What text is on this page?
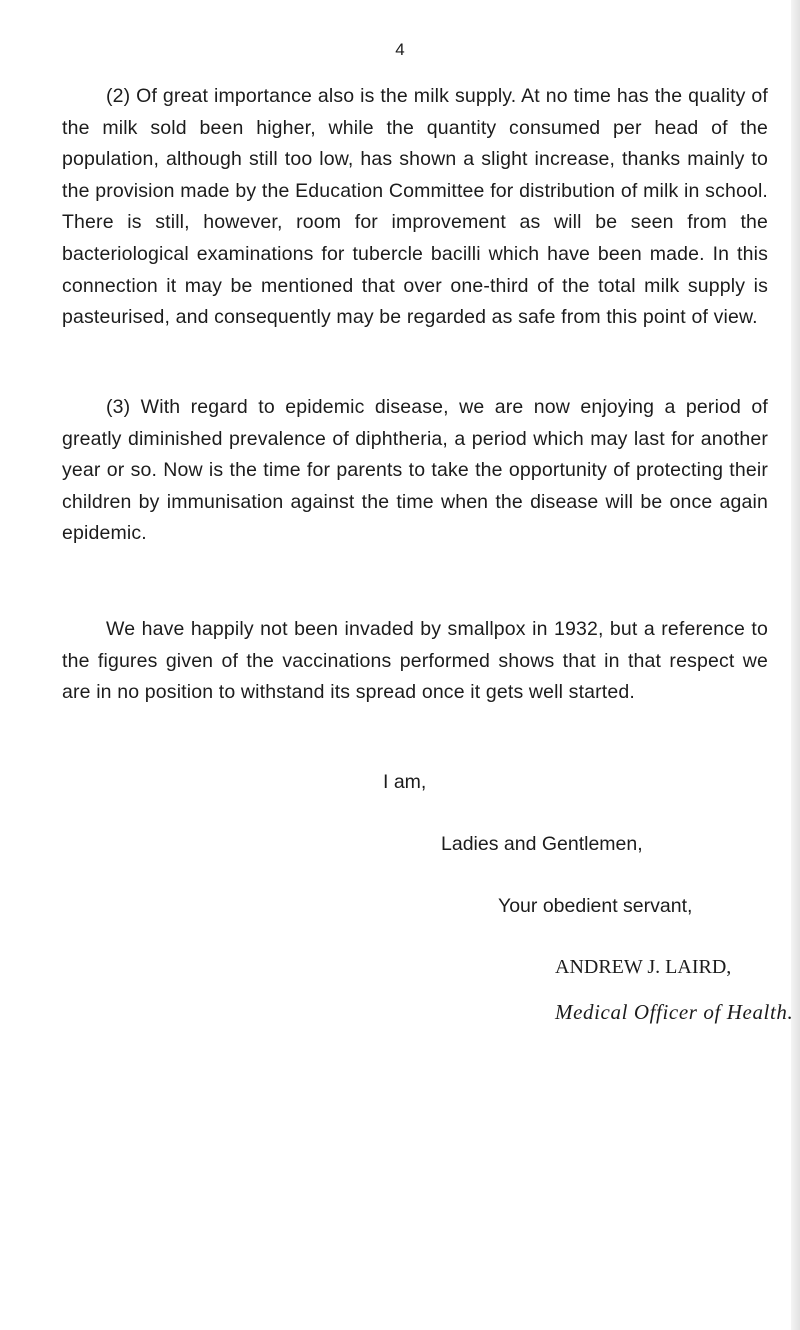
4

(2) Of great importance also is the milk supply. At no time has the quality of the milk sold been higher, while the quantity consumed per head of the population, although still too low, has shown a slight increase, thanks mainly to the provision made by the Education Committee for distribution of milk in school. There is still, however, room for improvement as will be seen from the bacteriological examinations for tubercle bacilli which have been made. In this connection it may be mentioned that over one-third of the total milk supply is pasteurised, and consequently may be regarded as safe from this point of view.

(3) With regard to epidemic disease, we are now enjoying a period of greatly diminished prevalence of diphtheria, a period which may last for another year or so. Now is the time for parents to take the opportunity of protecting their children by immunisation against the time when the disease will be once again epidemic.

We have happily not been invaded by smallpox in 1932, but a reference to the figures given of the vaccinations performed shows that in that respect we are in no position to withstand its spread once it gets well started.

I am,

Ladies and Gentlemen,

Your obedient servant,

ANDREW J. LAIRD,

Medical Officer of Health.
